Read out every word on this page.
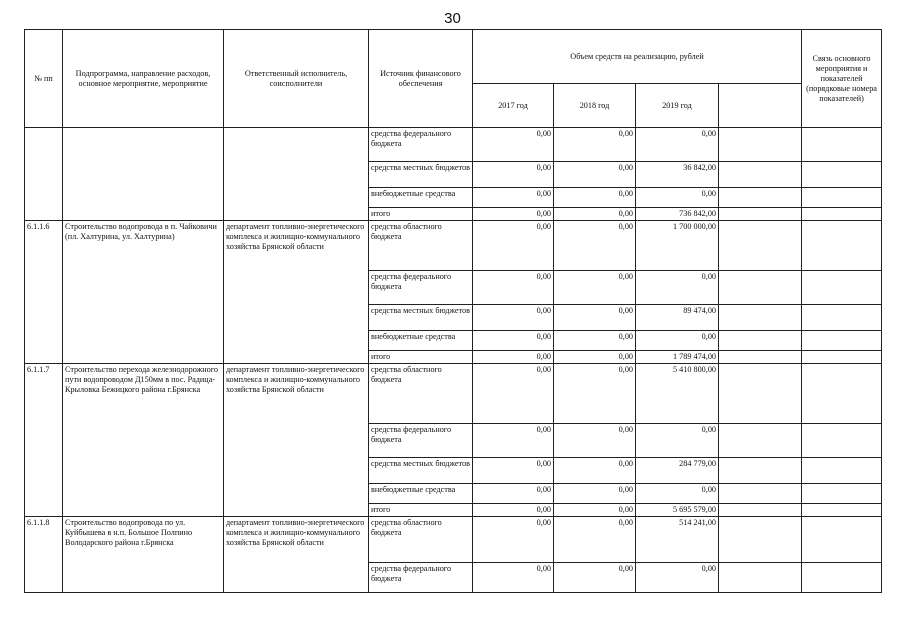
30
№ пп	Подпрограмма, направление расходов, основное мероприятие, мероприятие	Ответственный исполнитель, соисполнители	Источник финансового обеспечения	Объем средств на реализацию, рублей				Связь основного мероприятия и показателей (порядковые номера показателей)
				2017 год	2018 год	2019 год		
			средства федерального бюджета	0,00	0,00	0,00		
			средства местных бюджетов	0,00	0,00	36 842,00		
			внебюджетные средства	0,00	0,00	0,00		
			итого	0,00	0,00	736 842,00		
6.1.1.6	Строительство водопровода в п. Чайковичи (пл. Халтурина, ул. Халтурина)	департамент топливно-энергетического комплекса и жилищно-коммунального хозяйства Брянской области	средства областного бюджета	0,00	0,00	1 700 000,00		
			средства федерального бюджета	0,00	0,00	0,00		
			средства местных бюджетов	0,00	0,00	89 474,00		
			внебюджетные средства	0,00	0,00	0,00		
			итого	0,00	0,00	1 789 474,00		
6.1.1.7	Строительство перехода железнодорожного пути водопроводом Д150мм в пос. Радица-Крыловка Бежицкого района г.Брянска	департамент топливно-энергетического комплекса и жилищно-коммунального хозяйства Брянской области	средства областного бюджета	0,00	0,00	5 410 800,00		
			средства федерального бюджета	0,00	0,00	0,00		
			средства местных бюджетов	0,00	0,00	284 779,00		
			внебюджетные средства	0,00	0,00	0,00		
			итого	0,00	0,00	5 695 579,00		
6.1.1.8	Строительство водопровода по ул. Куйбышева в н.п. Большое Полпино Володарского района г.Брянска	департамент топливно-энергетического комплекса и жилищно-коммунального хозяйства Брянской области	средства областного бюджета	0,00	0,00	514 241,00		
			средства федерального бюджета	0,00	0,00	0,00		
